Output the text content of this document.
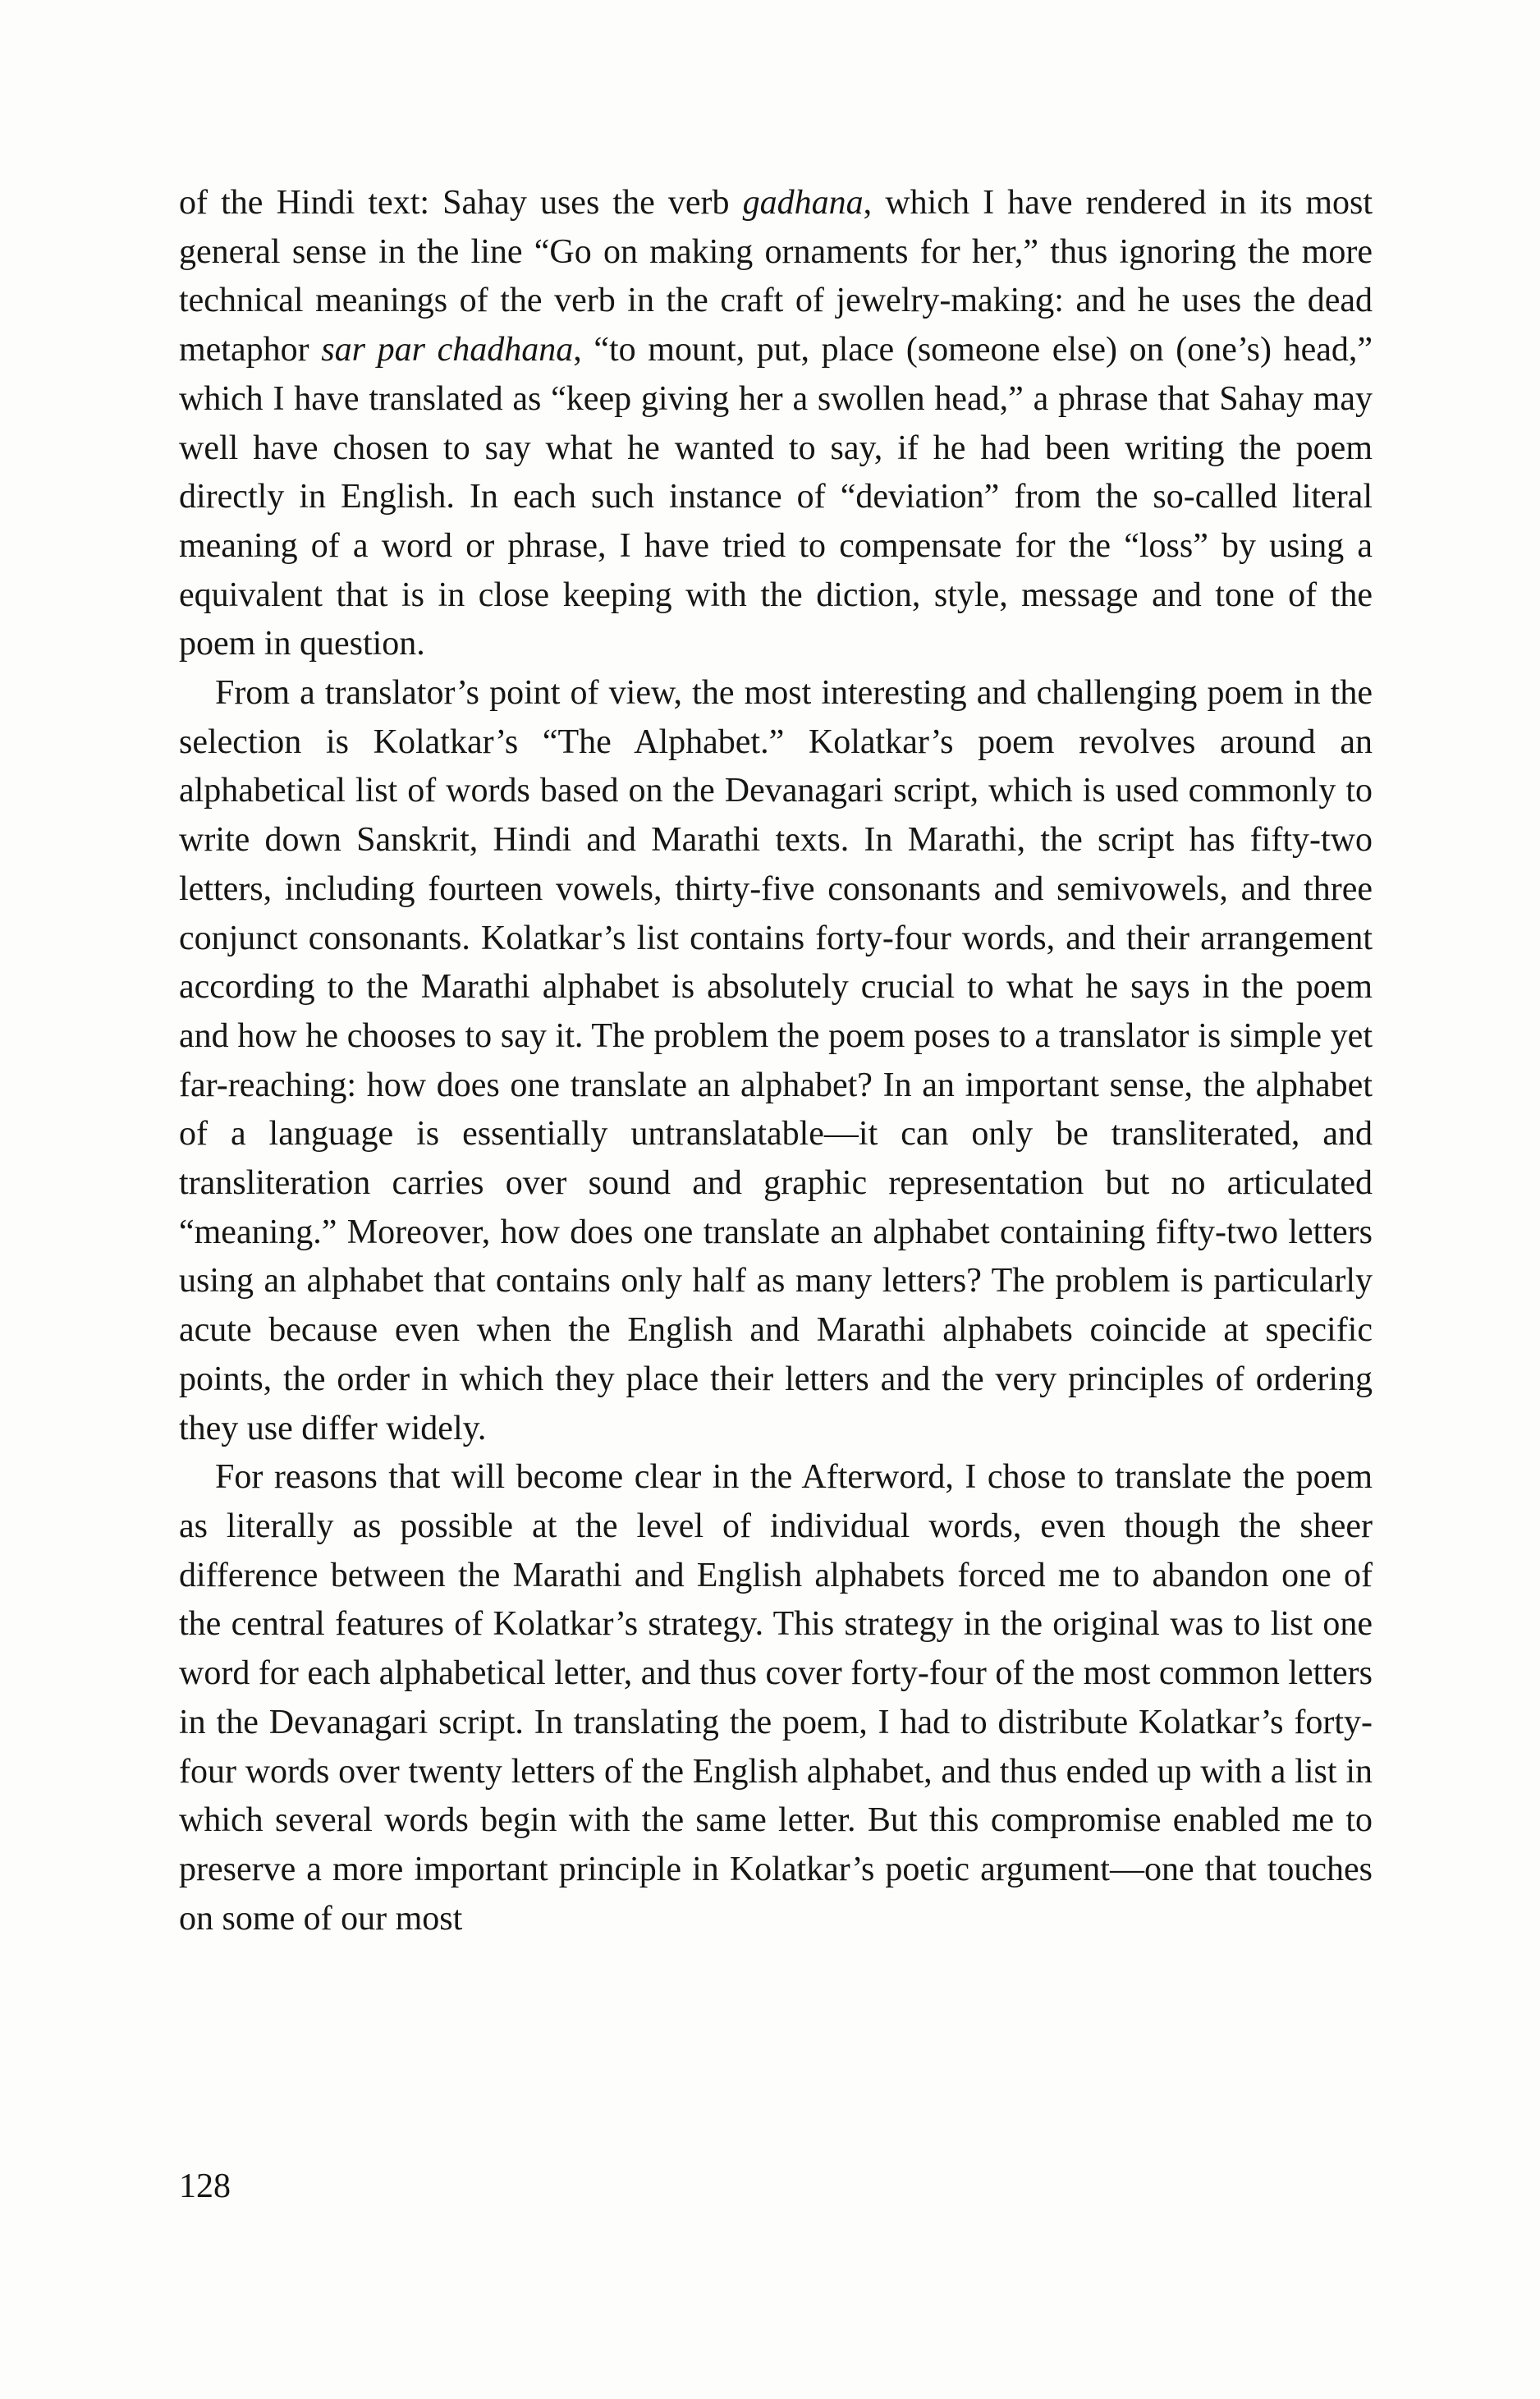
of the Hindi text: Sahay uses the verb gadhana, which I have rendered in its most general sense in the line “Go on making ornaments for her,” thus ignoring the more technical meanings of the verb in the craft of jewelry-making: and he uses the dead metaphor sar par chadhana, “to mount, put, place (someone else) on (one’s) head,” which I have translated as “keep giving her a swollen head,” a phrase that Sahay may well have chosen to say what he wanted to say, if he had been writing the poem directly in English. In each such instance of “deviation” from the so-called literal meaning of a word or phrase, I have tried to compensate for the “loss” by using a equivalent that is in close keeping with the diction, style, message and tone of the poem in question.

From a translator’s point of view, the most interesting and challenging poem in the selection is Kolatkar’s “The Alphabet.” Kolatkar’s poem revolves around an alphabetical list of words based on the Devanagari script, which is used commonly to write down Sanskrit, Hindi and Marathi texts. In Marathi, the script has fifty-two letters, including fourteen vowels, thirty-five consonants and semivowels, and three conjunct consonants. Kolatkar’s list contains forty-four words, and their arrangement according to the Marathi alphabet is absolutely crucial to what he says in the poem and how he chooses to say it. The problem the poem poses to a translator is simple yet far-reaching: how does one translate an alphabet? In an important sense, the alphabet of a language is essentially untranslatable—it can only be transliterated, and transliteration carries over sound and graphic representation but no articulated “meaning.” Moreover, how does one translate an alphabet containing fifty-two letters using an alphabet that contains only half as many letters? The problem is particularly acute because even when the English and Marathi alphabets coincide at specific points, the order in which they place their letters and the very principles of ordering they use differ widely.

For reasons that will become clear in the Afterword, I chose to translate the poem as literally as possible at the level of individual words, even though the sheer difference between the Marathi and English alphabets forced me to abandon one of the central features of Kolatkar’s strategy. This strategy in the original was to list one word for each alphabetical letter, and thus cover forty-four of the most common letters in the Devanagari script. In translating the poem, I had to distribute Kolatkar’s forty-four words over twenty letters of the English alphabet, and thus ended up with a list in which several words begin with the same letter. But this compromise enabled me to preserve a more important principle in Kolatkar’s poetic argument—one that touches on some of our most

128
